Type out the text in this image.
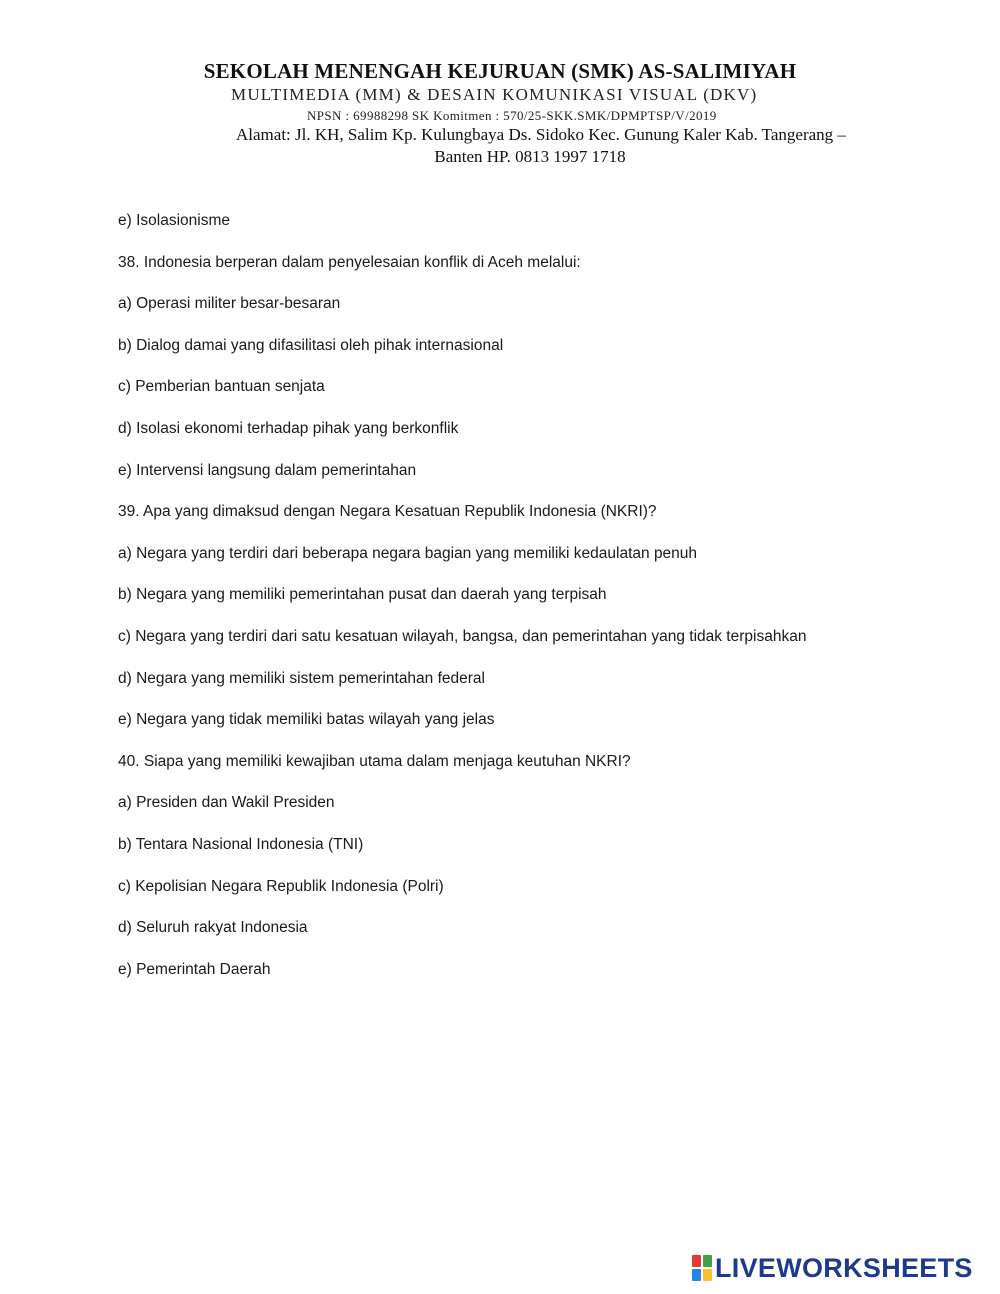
SEKOLAH MENENGAH KEJURUAN (SMK) AS-SALIMIYAH
MULTIMEDIA (MM) & DESAIN KOMUNIKASI VISUAL (DKV)
NPSN : 69988298 SK Komitmen : 570/25-SKK.SMK/DPMPTSP/V/2019
Alamat: Jl. KH, Salim Kp. Kulungbaya Ds. Sidoko Kec. Gunung Kaler Kab. Tangerang –
Banten HP. 0813 1997 1718
e) Isolasionisme
38. Indonesia berperan dalam penyelesaian konflik di Aceh melalui:
a) Operasi militer besar-besaran
b) Dialog damai yang difasilitasi oleh pihak internasional
c) Pemberian bantuan senjata
d) Isolasi ekonomi terhadap pihak yang berkonflik
e) Intervensi langsung dalam pemerintahan
39. Apa yang dimaksud dengan Negara Kesatuan Republik Indonesia (NKRI)?
a) Negara yang terdiri dari beberapa negara bagian yang memiliki kedaulatan penuh
b) Negara yang memiliki pemerintahan pusat dan daerah yang terpisah
c) Negara yang terdiri dari satu kesatuan wilayah, bangsa, dan pemerintahan yang tidak terpisahkan
d) Negara yang memiliki sistem pemerintahan federal
e) Negara yang tidak memiliki batas wilayah yang jelas
40. Siapa yang memiliki kewajiban utama dalam menjaga keutuhan NKRI?
a) Presiden dan Wakil Presiden
b) Tentara Nasional Indonesia (TNI)
c) Kepolisian Negara Republik Indonesia (Polri)
d) Seluruh rakyat Indonesia
e) Pemerintah Daerah
LIVEWORKSHEETS
